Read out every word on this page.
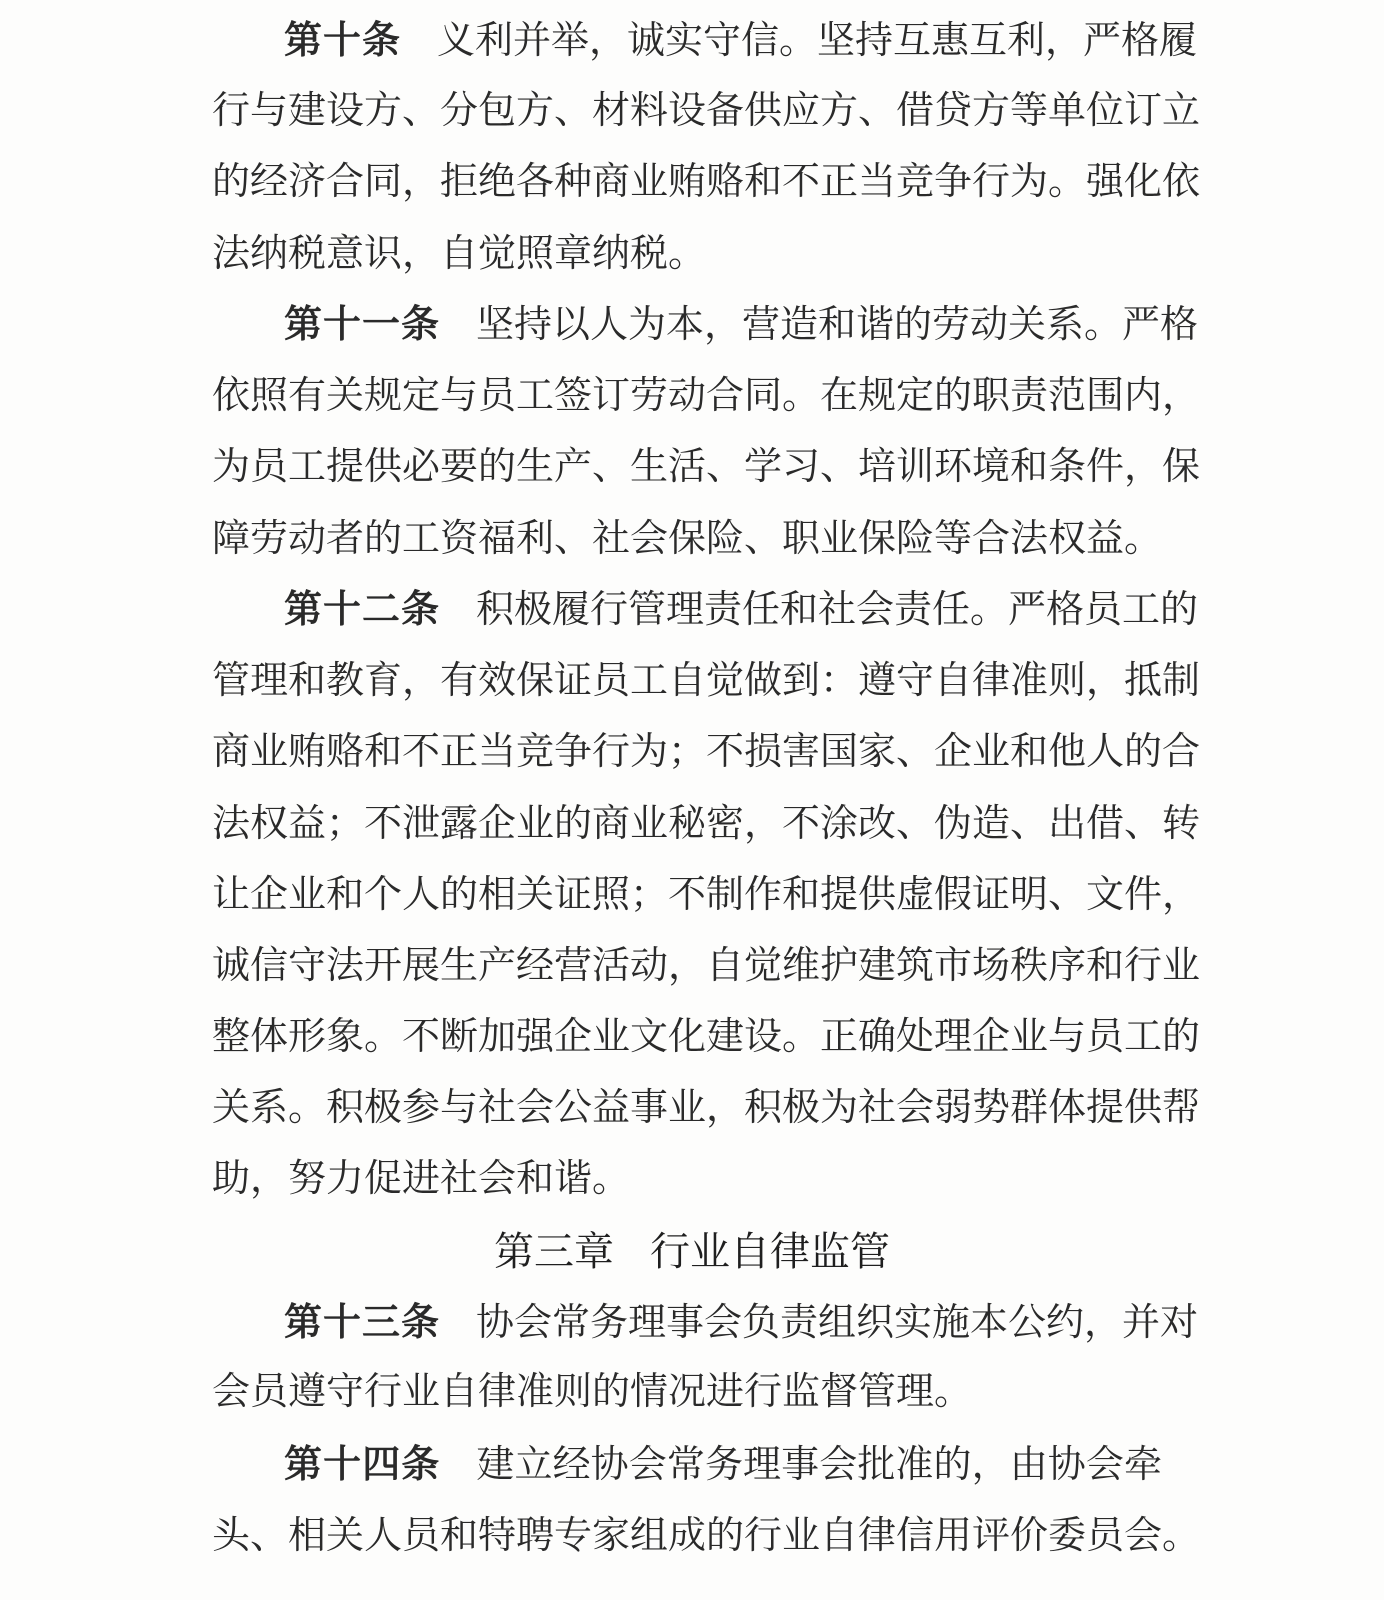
第十条 义利并举，诚实守信。坚持互惠互利，严格履
行与建设方、分包方、材料设备供应方、借贷方等单位订立
的经济合同，拒绝各种商业贿赂和不正当竞争行为。强化依
法纳税意识，自觉照章纳税。
第十一条 坚持以人为本，营造和谐的劳动关系。严格
依照有关规定与员工签订劳动合同。在规定的职责范围内，
为员工提供必要的生产、生活、学习、培训环境和条件，保
障劳动者的工资福利、社会保险、职业保险等合法权益。
第十二条 积极履行管理责任和社会责任。严格员工的
管理和教育，有效保证员工自觉做到：遵守自律准则，抵制
商业贿赂和不正当竞争行为；不损害国家、企业和他人的合
法权益；不泄露企业的商业秘密，不涂改、伪造、出借、转
让企业和个人的相关证照；不制作和提供虚假证明、文件，
诚信守法开展生产经营活动，自觉维护建筑市场秩序和行业
整体形象。不断加强企业文化建设。正确处理企业与员工的
关系。积极参与社会公益事业，积极为社会弱势群体提供帮
助，努力促进社会和谐。
第三章 行业自律监管
第十三条 协会常务理事会负责组织实施本公约，并对
会员遵守行业自律准则的情况进行监督管理。
第十四条 建立经协会常务理事会批准的，由协会牵
头、相关人员和特聘专家组成的行业自律信用评价委员会。
